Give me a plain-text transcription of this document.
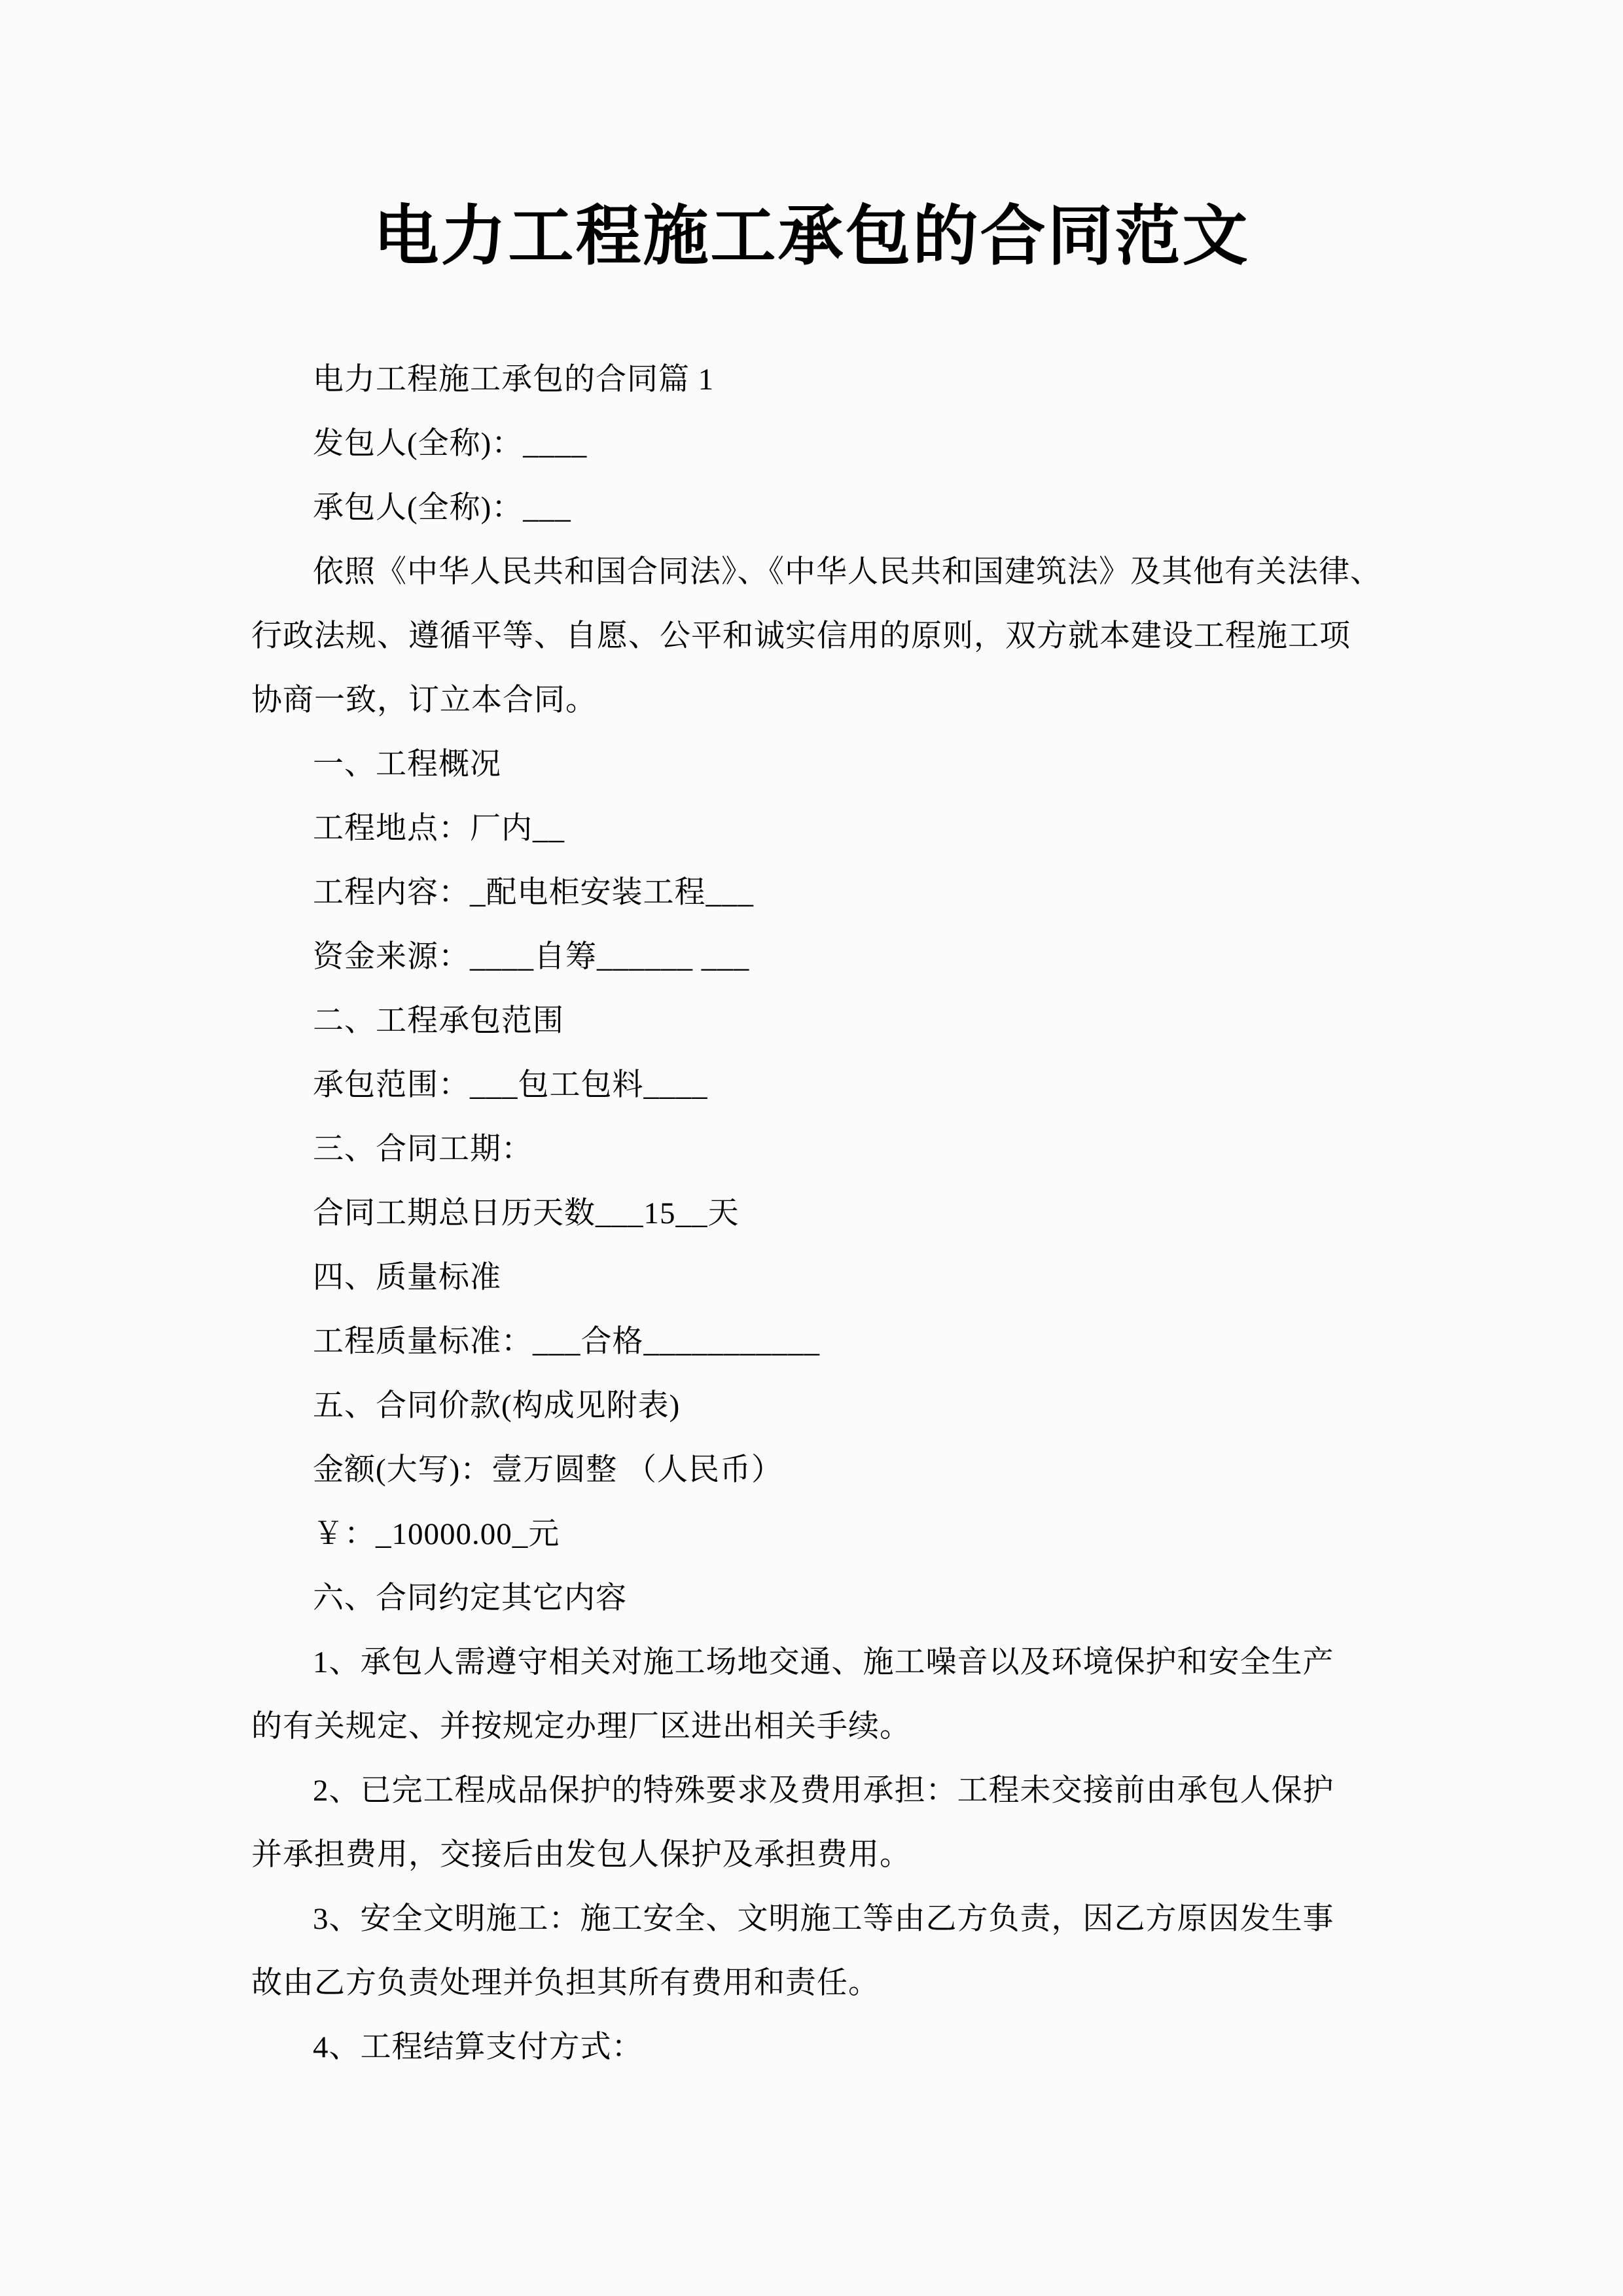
电力工程施工承包的合同范文
电力工程施工承包的合同篇 1
发包人(全称)：____
承包人(全称)：___
依照《中华人民共和国合同法》、《中华人民共和国建筑法》及其他有关法律、
行政法规、遵循平等、自愿、公平和诚实信用的原则，双方就本建设工程施工项
协商一致，订立本合同。
一、工程概况
工程地点：厂内__
工程内容：_配电柜安装工程___
资金来源：____自筹______ ___
二、工程承包范围
承包范围：___包工包料____
三、合同工期：
合同工期总日历天数___15__天
四、质量标准
工程质量标准：___合格___________
五、合同价款(构成见附表)
金额(大写)：壹万圆整 （人民币）
￥：_10000.00_元
六、合同约定其它内容
1、承包人需遵守相关对施工场地交通、施工噪音以及环境保护和安全生产
的有关规定、并按规定办理厂区进出相关手续。
2、已完工程成品保护的特殊要求及费用承担：工程未交接前由承包人保护
并承担费用，交接后由发包人保护及承担费用。
3、安全文明施工：施工安全、文明施工等由乙方负责，因乙方原因发生事
故由乙方负责处理并负担其所有费用和责任。
4、工程结算支付方式：
